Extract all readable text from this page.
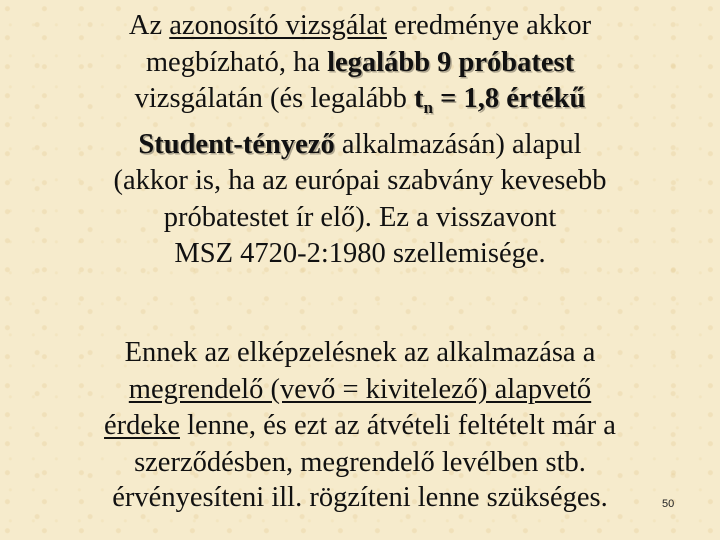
Az azonosító vizsgálat eredménye akkor
megbízható, ha legalább 9 próbatest
vizsgálatán (és legalább $t_n = 1,8$ értékű
Student-tényező alkalmazásán) alapul
(akkor is, ha az európai szabvány kevesebb
próbatestet ír elő). Ez a visszavont
MSZ 4720-2:1980 szellemisége.
Ennek az elképzelésnek az alkalmazása a
megrendelő (vevő = kivitelező) alapvető
érdeke lenne, és ezt az átvételi feltételt már a
szerződésben, megrendelő levélben stb.
érvényesíteni ill. rögzíteni lenne szükséges.	50
